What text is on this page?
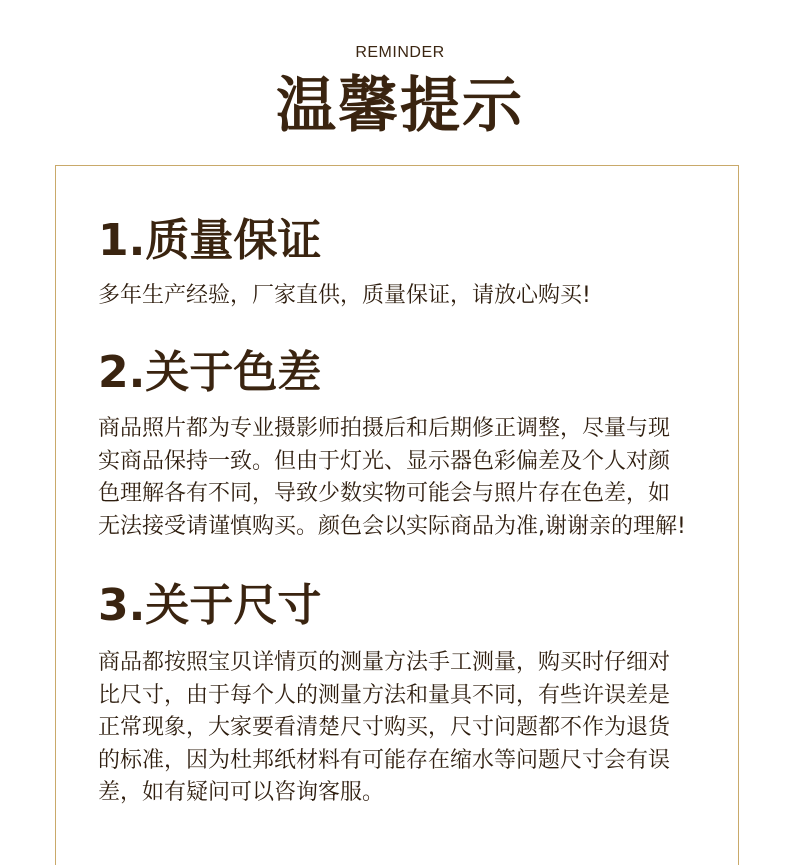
REMINDER
温馨提示
1.质量保证
多年生产经验，厂家直供，质量保证，请放心购买!
2.关于色差
商品照片都为专业摄影师拍摄后和后期修正调整，尽量与现
实商品保持一致。但由于灯光、显示器色彩偏差及个人对颜
色理解各有不同，导致少数实物可能会与照片存在色差，如
无法接受请谨慎购买。颜色会以实际商品为准,谢谢亲的理解!
3.关于尺寸
商品都按照宝贝详情页的测量方法手工测量，购买时仔细对
比尺寸，由于每个人的测量方法和量具不同，有些许误差是
正常现象，大家要看清楚尺寸购买，尺寸问题都不作为退货
的标准，因为杜邦纸材料有可能存在缩水等问题尺寸会有误
差，如有疑问可以咨询客服。
